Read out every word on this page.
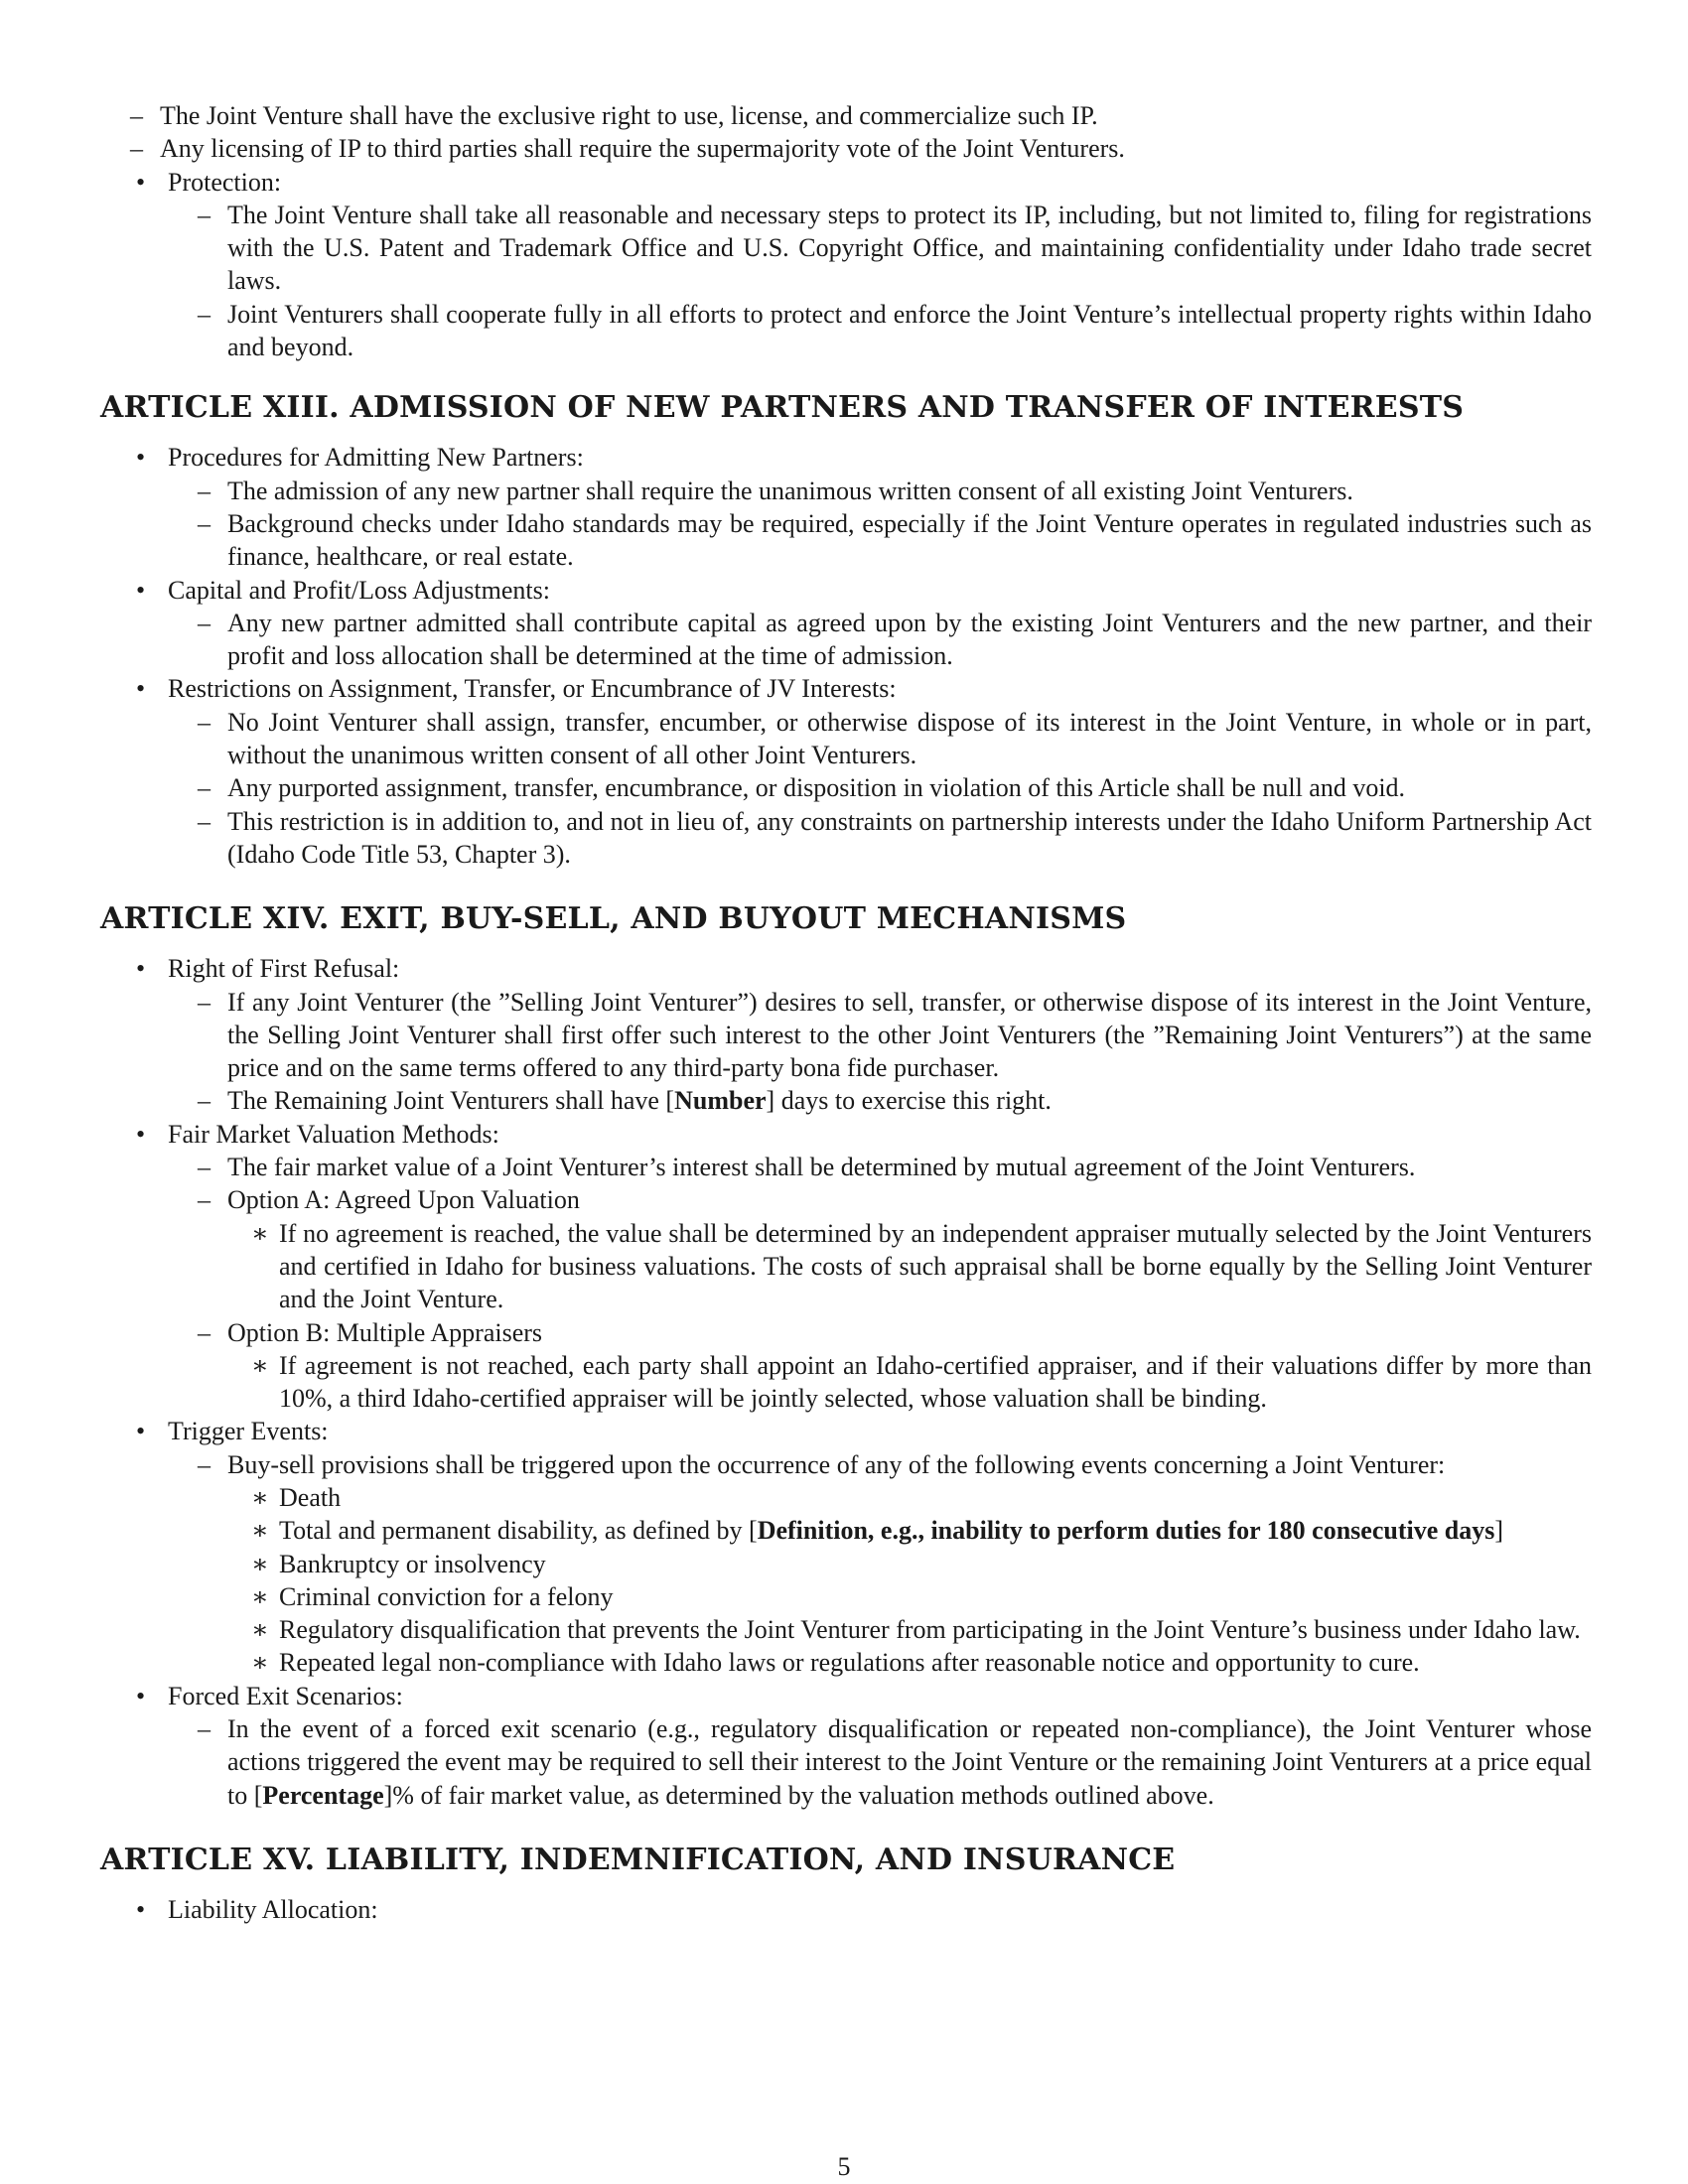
– The Joint Venture shall have the exclusive right to use, license, and commercialize such IP.
– Any licensing of IP to third parties shall require the supermajority vote of the Joint Venturers.
• Protection:
– The Joint Venture shall take all reasonable and necessary steps to protect its IP, including, but not limited to, filing for registrations with the U.S. Patent and Trademark Office and U.S. Copyright Office, and maintaining confidentiality under Idaho trade secret laws.
– Joint Venturers shall cooperate fully in all efforts to protect and enforce the Joint Venture’s intellectual property rights within Idaho and beyond.
ARTICLE XIII. ADMISSION OF NEW PARTNERS AND TRANSFER OF INTERESTS
• Procedures for Admitting New Partners:
– The admission of any new partner shall require the unanimous written consent of all existing Joint Venturers.
– Background checks under Idaho standards may be required, especially if the Joint Venture operates in regulated industries such as finance, healthcare, or real estate.
• Capital and Profit/Loss Adjustments:
– Any new partner admitted shall contribute capital as agreed upon by the existing Joint Venturers and the new partner, and their profit and loss allocation shall be determined at the time of admission.
• Restrictions on Assignment, Transfer, or Encumbrance of JV Interests:
– No Joint Venturer shall assign, transfer, encumber, or otherwise dispose of its interest in the Joint Venture, in whole or in part, without the unanimous written consent of all other Joint Venturers.
– Any purported assignment, transfer, encumbrance, or disposition in violation of this Article shall be null and void.
– This restriction is in addition to, and not in lieu of, any constraints on partnership interests under the Idaho Uniform Partnership Act (Idaho Code Title 53, Chapter 3).
ARTICLE XIV. EXIT, BUY-SELL, AND BUYOUT MECHANISMS
• Right of First Refusal:
– If any Joint Venturer (the ”Selling Joint Venturer”) desires to sell, transfer, or otherwise dispose of its interest in the Joint Venture, the Selling Joint Venturer shall first offer such interest to the other Joint Venturers (the ”Remaining Joint Venturers”) at the same price and on the same terms offered to any third-party bona fide purchaser.
– The Remaining Joint Venturers shall have [Number] days to exercise this right.
• Fair Market Valuation Methods:
– The fair market value of a Joint Venturer’s interest shall be determined by mutual agreement of the Joint Venturers.
– Option A: Agreed Upon Valuation
∗ If no agreement is reached, the value shall be determined by an independent appraiser mutually selected by the Joint Venturers and certified in Idaho for business valuations. The costs of such appraisal shall be borne equally by the Selling Joint Venturer and the Joint Venture.
– Option B: Multiple Appraisers
∗ If agreement is not reached, each party shall appoint an Idaho-certified appraiser, and if their valuations differ by more than 10%, a third Idaho-certified appraiser will be jointly selected, whose valuation shall be binding.
• Trigger Events:
– Buy-sell provisions shall be triggered upon the occurrence of any of the following events concerning a Joint Venturer:
∗ Death
∗ Total and permanent disability, as defined by [Definition, e.g., inability to perform duties for 180 consecutive days]
∗ Bankruptcy or insolvency
∗ Criminal conviction for a felony
∗ Regulatory disqualification that prevents the Joint Venturer from participating in the Joint Venture’s business under Idaho law.
∗ Repeated legal non-compliance with Idaho laws or regulations after reasonable notice and opportunity to cure.
• Forced Exit Scenarios:
– In the event of a forced exit scenario (e.g., regulatory disqualification or repeated non-compliance), the Joint Venturer whose actions triggered the event may be required to sell their interest to the Joint Venture or the remaining Joint Venturers at a price equal to [Percentage]% of fair market value, as determined by the valuation methods outlined above.
ARTICLE XV. LIABILITY, INDEMNIFICATION, AND INSURANCE
• Liability Allocation:
5
